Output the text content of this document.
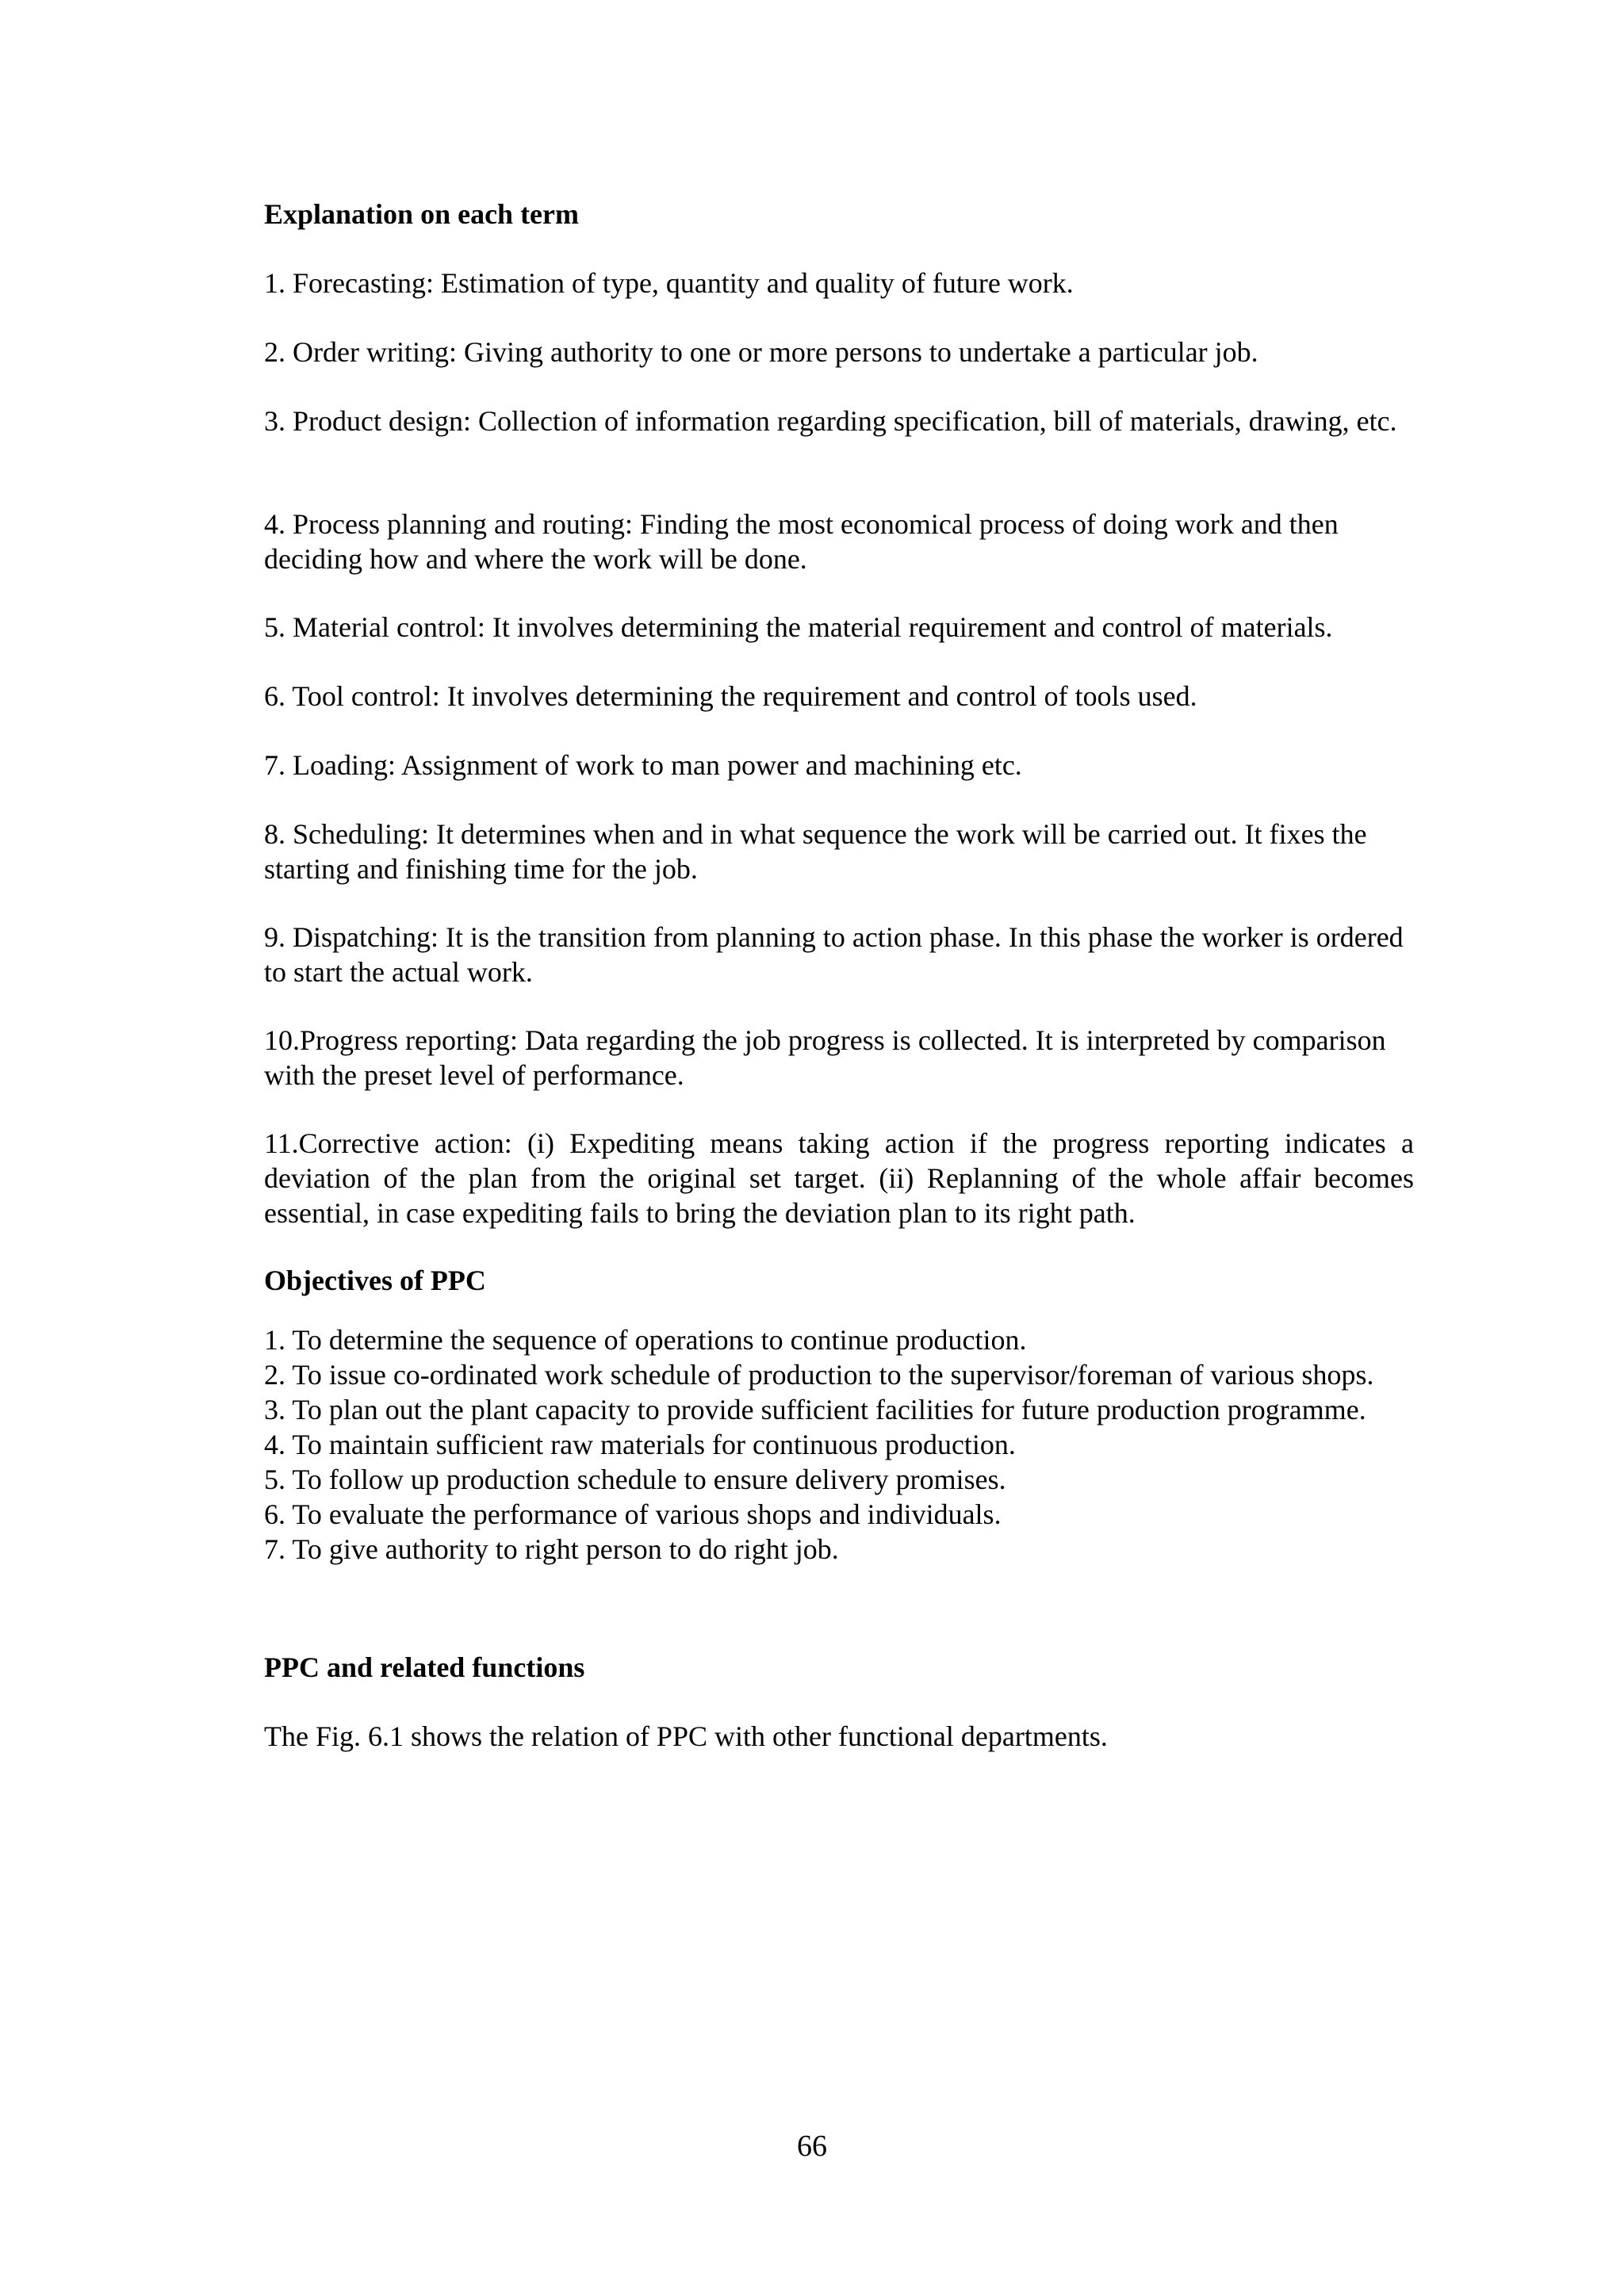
Explanation on each term
1. Forecasting: Estimation of type, quantity and quality of future work.
2. Order writing: Giving authority to one or more persons to undertake a particular job.
3. Product design: Collection of information regarding specification, bill of materials, drawing, etc.
4. Process planning and routing: Finding the most economical process of doing work and then deciding how and where the work will be done.
5. Material control: It involves determining the material requirement and control of materials.
6. Tool control: It involves determining the requirement and control of tools used.
7. Loading: Assignment of work to man power and machining etc.
8. Scheduling: It determines when and in what sequence the work will be carried out. It fixes the starting and finishing time for the job.
9. Dispatching: It is the transition from planning to action phase. In this phase the worker is ordered to start the actual work.
10.Progress reporting: Data regarding the job progress is collected. It is interpreted by comparison with the preset level of performance.
11.Corrective action: (i) Expediting means taking action if the progress reporting indicates a deviation of the plan from the original set target. (ii) Replanning of the whole affair becomes essential, in case expediting fails to bring the deviation plan to its right path.
Objectives of PPC
1. To determine the sequence of operations to continue production.
2. To issue co-ordinated work schedule of production to the supervisor/foreman of various shops.
3. To plan out the plant capacity to provide sufficient facilities for future production programme.
4. To maintain sufficient raw materials for continuous production.
5. To follow up production schedule to ensure delivery promises.
6. To evaluate the performance of various shops and individuals.
7. To give authority to right person to do right job.
PPC and related functions
The Fig. 6.1 shows the relation of PPC with other functional departments.
66
